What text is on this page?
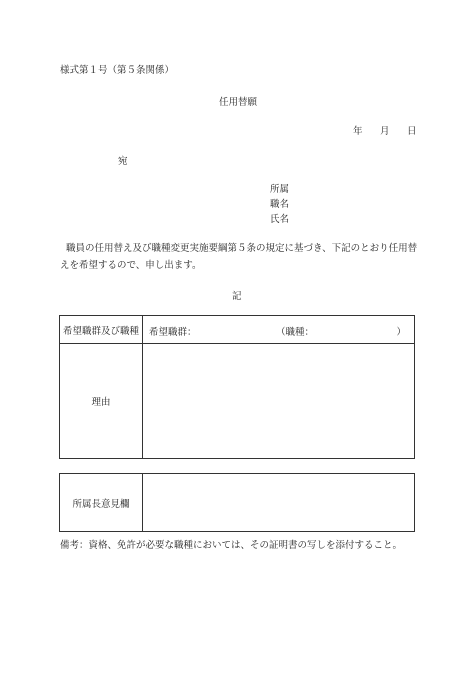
様式第１号（第５条関係）
任用替願
年 月 日
宛
所属
職名
氏名
職員の任用替え及び職種変更実施要綱第５条の規定に基づき、下記のとおり任用替えを希望するので、申し出ます。
記
希望職群及び職種	希望職群： （職種： ）

理由	
所属長意見欄	
備考：資格、免許が必要な職種においては、その証明書の写しを添付すること。
